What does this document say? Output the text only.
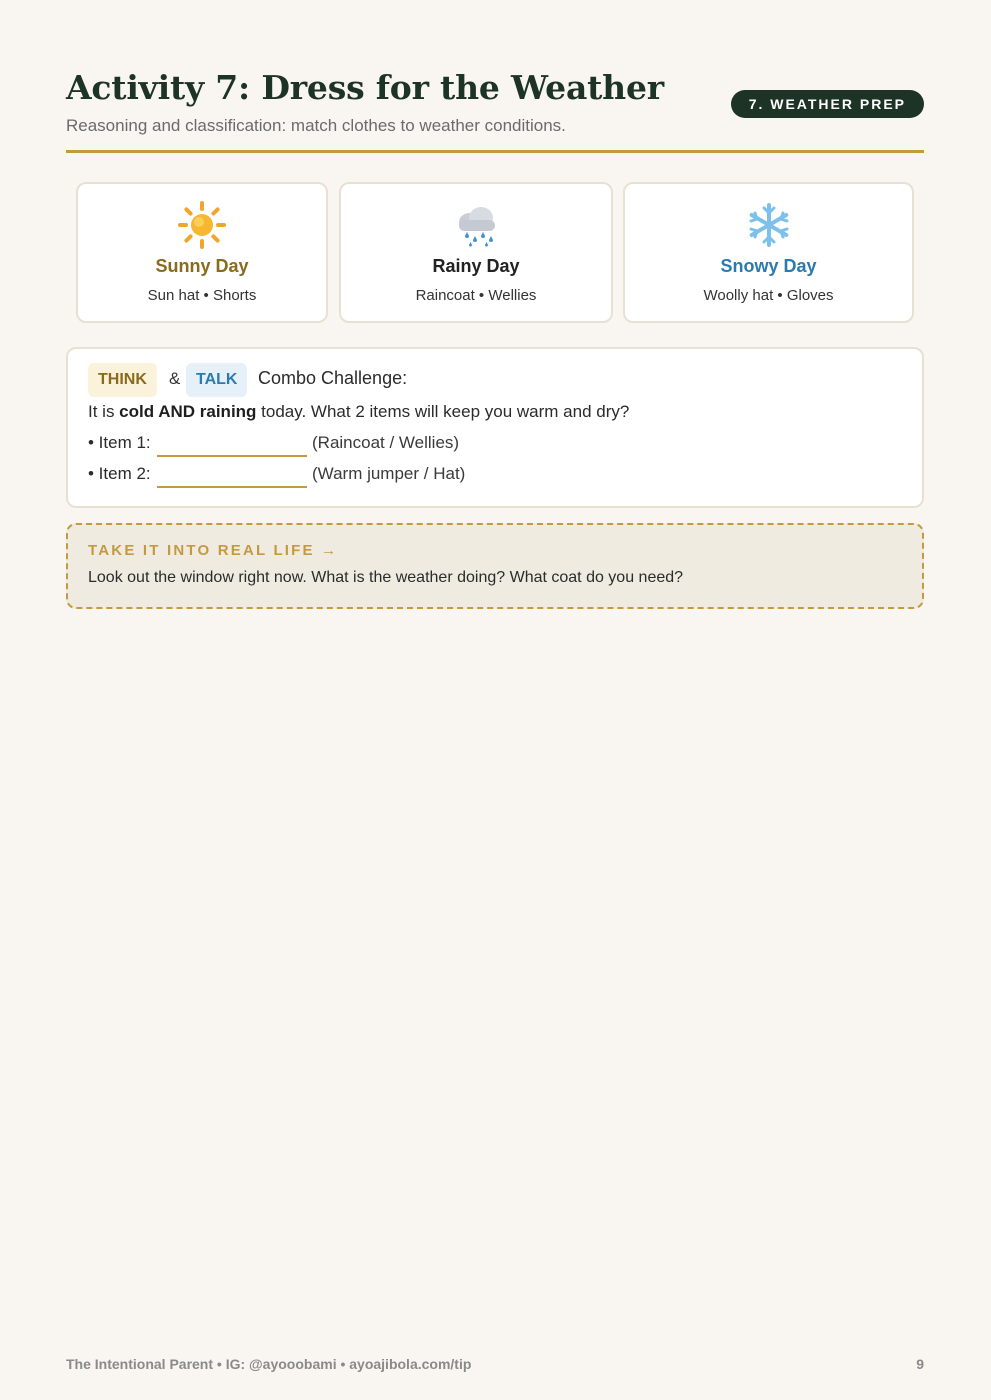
Activity 7: Dress for the Weather
Reasoning and classification: match clothes to weather conditions.
7. WEATHER PREP
Sunny Day
Sun hat • Shorts
Rainy Day
Raincoat • Wellies
Snowy Day
Woolly hat • Gloves
THINK	& TALK	Combo Challenge:
It is cold AND raining today. What 2 items will keep you warm and dry?
• Item 1:	(Raincoat / Wellies)
• Item 2:	(Warm jumper / Hat)
TAKE IT INTO REAL LIFE →
Look out the window right now. What is the weather doing? What coat do you need?
The Intentional Parent • IG: @ayooobami • ayoajibola.com/tip	9
